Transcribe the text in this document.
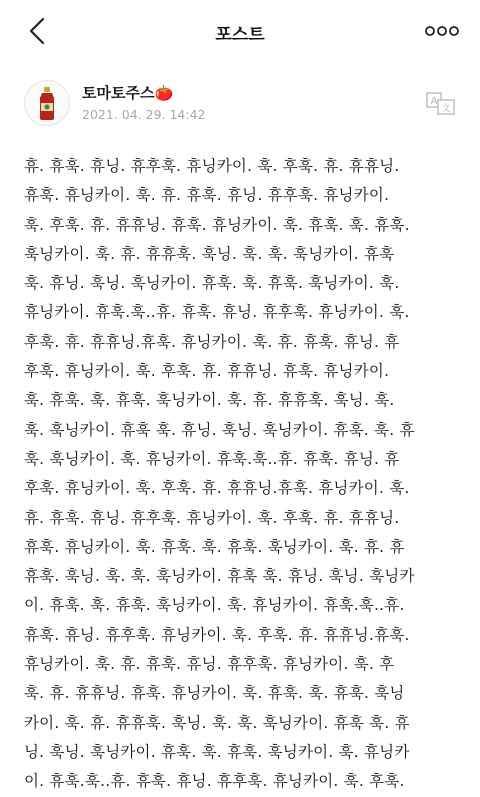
포스트
토마토주스🍅
2021. 04. 29. 14:42
A
文
휴. 휴훅. 휴닝. 휴후훅. 휴닝카이. 훅. 후훅. 휴. 휴휴닝.
휴훅. 휴닝카이. 훅. 휴. 휴훅. 휴닝. 휴후훅. 휴닝카이.
훅. 후훅. 휴. 휴휴닝. 휴훅. 휴닝카이. 훅. 휴훅. 훅. 휴훅.
훅닝카이. 훅. 휴. 휴휴훅. 훅닝. 훅. 훅. 훅닝카이. 휴훅
훅. 휴닝. 훅닝. 훅닝카이. 휴훅. 훅. 휴훅. 훅닝카이. 훅.
휴닝카이. 휴훅.훅..휴. 휴훅. 휴닝. 휴후훅. 휴닝카이. 훅.
후훅. 휴. 휴휴닝.휴훅. 휴닝카이. 훅. 휴. 휴훅. 휴닝. 휴
후훅. 휴닝카이. 훅. 후훅. 휴. 휴휴닝. 휴훅. 휴닝카이.
훅. 휴훅. 훅. 휴훅. 훅닝카이. 훅. 휴. 휴휴훅. 훅닝. 훅.
훅. 훅닝카이. 휴훅 훅. 휴닝. 훅닝. 훅닝카이. 휴훅. 훅. 휴
훅. 훅닝카이. 훅. 휴닝카이. 휴훅.훅..휴. 휴훅. 휴닝. 휴
후훅. 휴닝카이. 훅. 후훅. 휴. 휴휴닝.휴훅. 휴닝카이. 훅.
휴. 휴훅. 휴닝. 휴후훅. 휴닝카이. 훅. 후훅. 휴. 휴휴닝.
휴훅. 휴닝카이. 훅. 휴훅. 훅. 휴훅. 훅닝카이. 훅. 휴. 휴
휴훅. 훅닝. 훅. 훅. 훅닝카이. 휴훅 훅. 휴닝. 훅닝. 훅닝카
이. 휴훅. 훅. 휴훅. 훅닝카이. 훅. 휴닝카이. 휴훅.훅..휴.
휴훅. 휴닝. 휴후훅. 휴닝카이. 훅. 후훅. 휴. 휴휴닝.휴훅.
휴닝카이. 훅. 휴. 휴훅. 휴닝. 휴후훅. 휴닝카이. 훅. 후
훅. 휴. 휴휴닝. 휴훅. 휴닝카이. 훅. 휴훅. 훅. 휴훅. 훅닝
카이. 훅. 휴. 휴휴훅. 훅닝. 훅. 훅. 훅닝카이. 휴훅 훅. 휴
닝. 훅닝. 훅닝카이. 휴훅. 훅. 휴훅. 훅닝카이. 훅. 휴닝카
이. 휴훅.훅..휴. 휴훅. 휴닝. 휴후훅. 휴닝카이. 훅. 후훅.
